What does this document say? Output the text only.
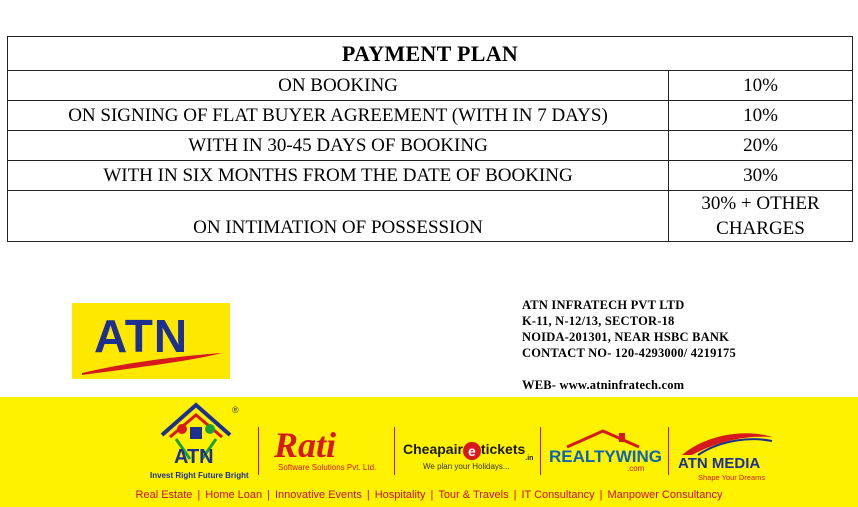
PAYMENT PLAN	
ON BOOKING	10%
ON SIGNING OF FLAT BUYER AGREEMENT (WITH IN 7 DAYS)	10%
WITH IN 30-45 DAYS OF BOOKING	20%
WITH IN SIX MONTHS FROM THE DATE OF BOOKING	30%
ON INTIMATION OF POSSESSION	30% + OTHER
CHARGES
ATN
ATN INFRATECH PVT LTD
K-11, N-12/13, SECTOR-18
NOIDA-201301, NEAR HSBC BANK
CONTACT NO- 120-4293000/ 4219175
WEB- www.atninfratech.com
ATN
®
Invest Right Future Bright
Rati
Software Solutions Pvt. Ltd.
Cheapair e tickets$_{.in}$
We plan your Holidays...
REALTYWING
.com ATN MEDIA
Shape Your Dreams
Real Estate | Home Loan | Innovative Events | Hospitality | Tour & Travels | IT Consultancy | Manpower Consultancy
